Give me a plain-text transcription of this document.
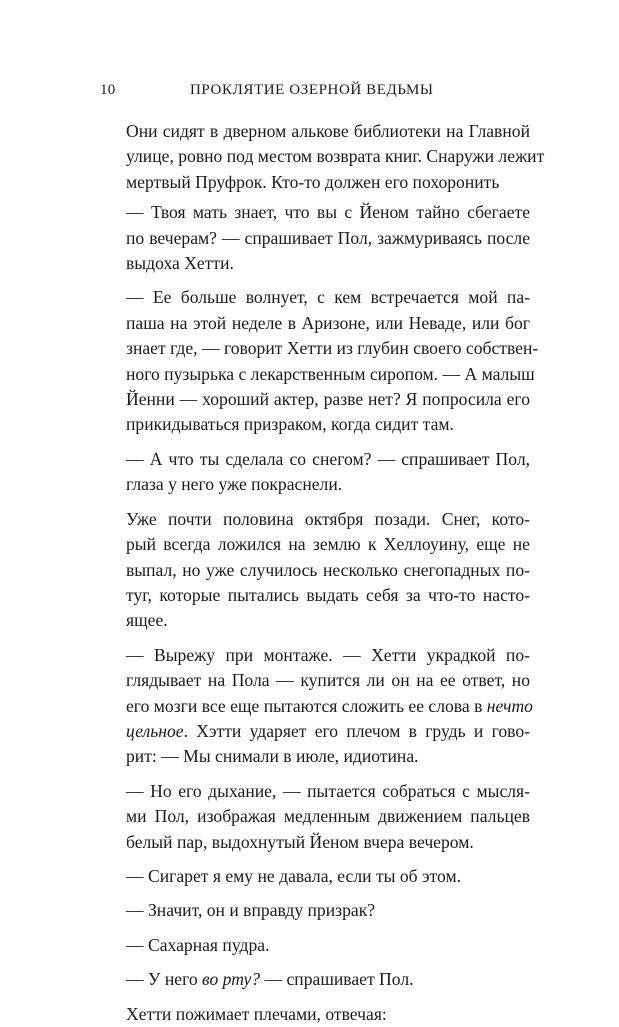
10	ПРОКЛЯТИЕ ОЗЕРНОЙ ВЕДЬМЫ

Они сидят в дверном алькове библиотеки на Главной
улице, ровно под местом возврата книг. Снаружи лежит
мертвый Пруфрок. Кто-то должен его похоронить

— Твоя мать знает, что вы с Йеном тайно сбегаете
по вечерам? — спрашивает Пол, зажмуриваясь после
выдоха Хетти.

— Ее больше волнует, с кем встречается мой па-
паша на этой неделе в Аризоне, или Неваде, или бог
знает где, — говорит Хетти из глубин своего собствен-
ного пузырька с лекарственным сиропом. — А малыш
Йенни — хороший актер, разве нет? Я попросила его
прикидываться призраком, когда сидит там.

— А что ты сделала со снегом? — спрашивает Пол,
глаза у него уже покраснели.

Уже почти половина октября позади. Снег, кото-
рый всегда ложился на землю к Хеллоуину, еще не
выпал, но уже случилось несколько снегопадных по-
туг, которые пытались выдать себя за что-то насто-
ящее.

— Вырежу при монтаже. — Хетти украдкой по-
глядывает на Пола — купится ли он на ее ответ, но
его мозги все еще пытаются сложить ее слова в нечто
цельное. Хэтти ударяет его плечом в грудь и гово-
рит: — Мы снимали в июле, идиотина.

— Но его дыхание, — пытается собраться с мысля-
ми Пол, изображая медленным движением пальцев
белый пар, выдохнутый Йеном вчера вечером.

— Сигарет я ему не давала, если ты об этом.

— Значит, он и вправду призрак?

— Сахарная пудра.

— У него во рту? — спрашивает Пол.

Хетти пожимает плечами, отвечая:
